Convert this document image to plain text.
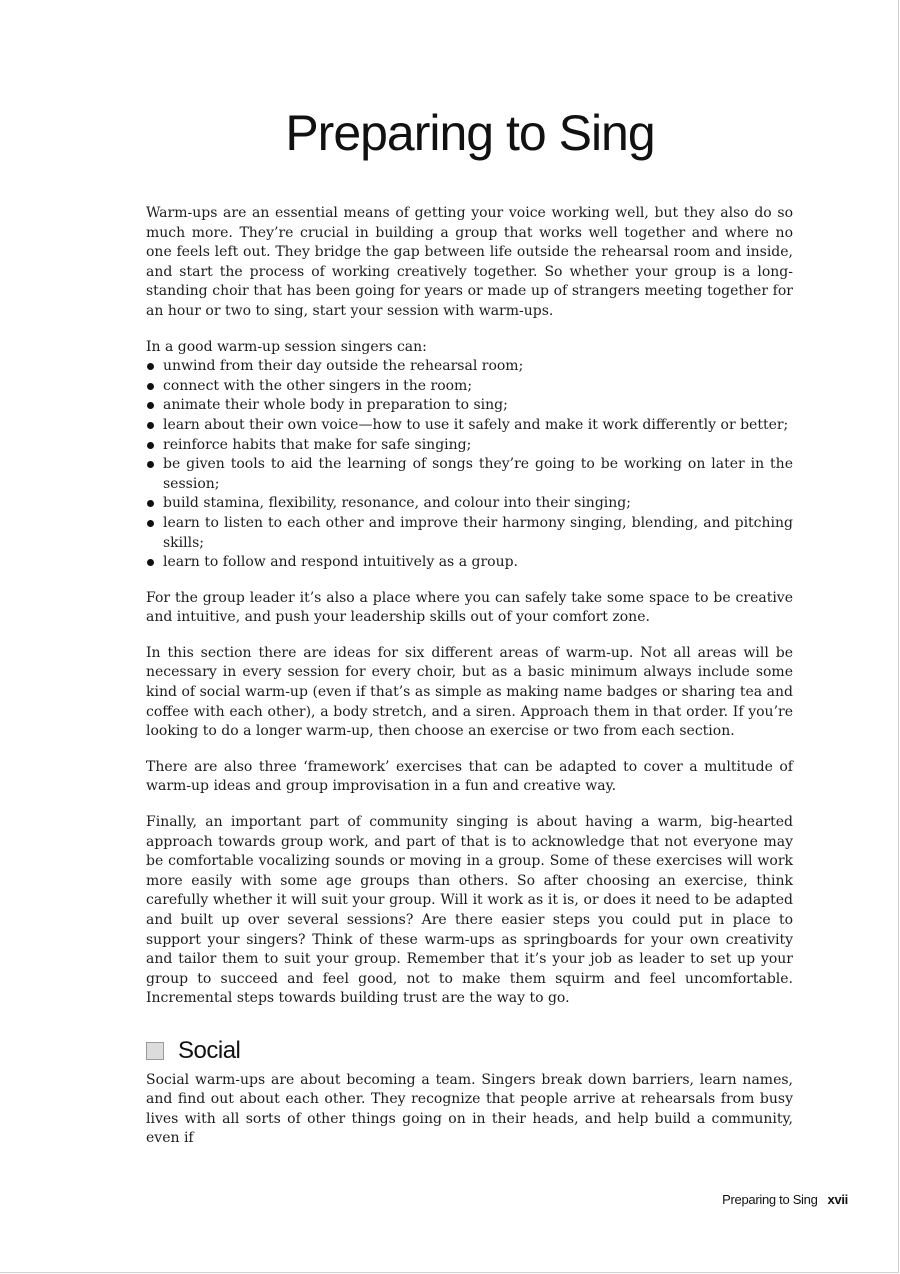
Preparing to Sing

Warm-ups are an essential means of getting your voice working well, but they also do so much more. They’re crucial in building a group that works well together and where no one feels left out. They bridge the gap between life outside the rehearsal room and inside, and start the process of working creatively together. So whether your group is a long-standing choir that has been going for years or made up of strangers meeting together for an hour or two to sing, start your session with warm-ups.

In a good warm-up session singers can:

unwind from their day outside the rehearsal room;
connect with the other singers in the room;
animate their whole body in preparation to sing;
learn about their own voice—how to use it safely and make it work differently or better;
reinforce habits that make for safe singing;
be given tools to aid the learning of songs they’re going to be working on later in the session;
build stamina, flexibility, resonance, and colour into their singing;
learn to listen to each other and improve their harmony singing, blending, and pitching skills;
learn to follow and respond intuitively as a group.

For the group leader it’s also a place where you can safely take some space to be creative and intuitive, and push your leadership skills out of your comfort zone.

In this section there are ideas for six different areas of warm-up. Not all areas will be necessary in every session for every choir, but as a basic minimum always include some kind of social warm-up (even if that’s as simple as making name badges or sharing tea and coffee with each other), a body stretch, and a siren. Approach them in that order. If you’re looking to do a longer warm-up, then choose an exercise or two from each section.

There are also three ‘framework’ exercises that can be adapted to cover a multitude of warm-up ideas and group improvisation in a fun and creative way.

Finally, an important part of community singing is about having a warm, big-hearted approach towards group work, and part of that is to acknowledge that not everyone may be comfortable vocalizing sounds or moving in a group. Some of these exercises will work more easily with some age groups than others. So after choosing an exercise, think carefully whether it will suit your group. Will it work as it is, or does it need to be adapted and built up over several sessions? Are there easier steps you could put in place to support your singers? Think of these warm-ups as springboards for your own creativity and tailor them to suit your group. Remember that it’s your job as leader to set up your group to succeed and feel good, not to make them squirm and feel uncomfortable. Incremental steps towards building trust are the way to go.

Social

Social warm-ups are about becoming a team. Singers break down barriers, learn names, and find out about each other. They recognize that people arrive at rehearsals from busy lives with all sorts of other things going on in their heads, and help build a community, even if

Preparing to Sing xvii
